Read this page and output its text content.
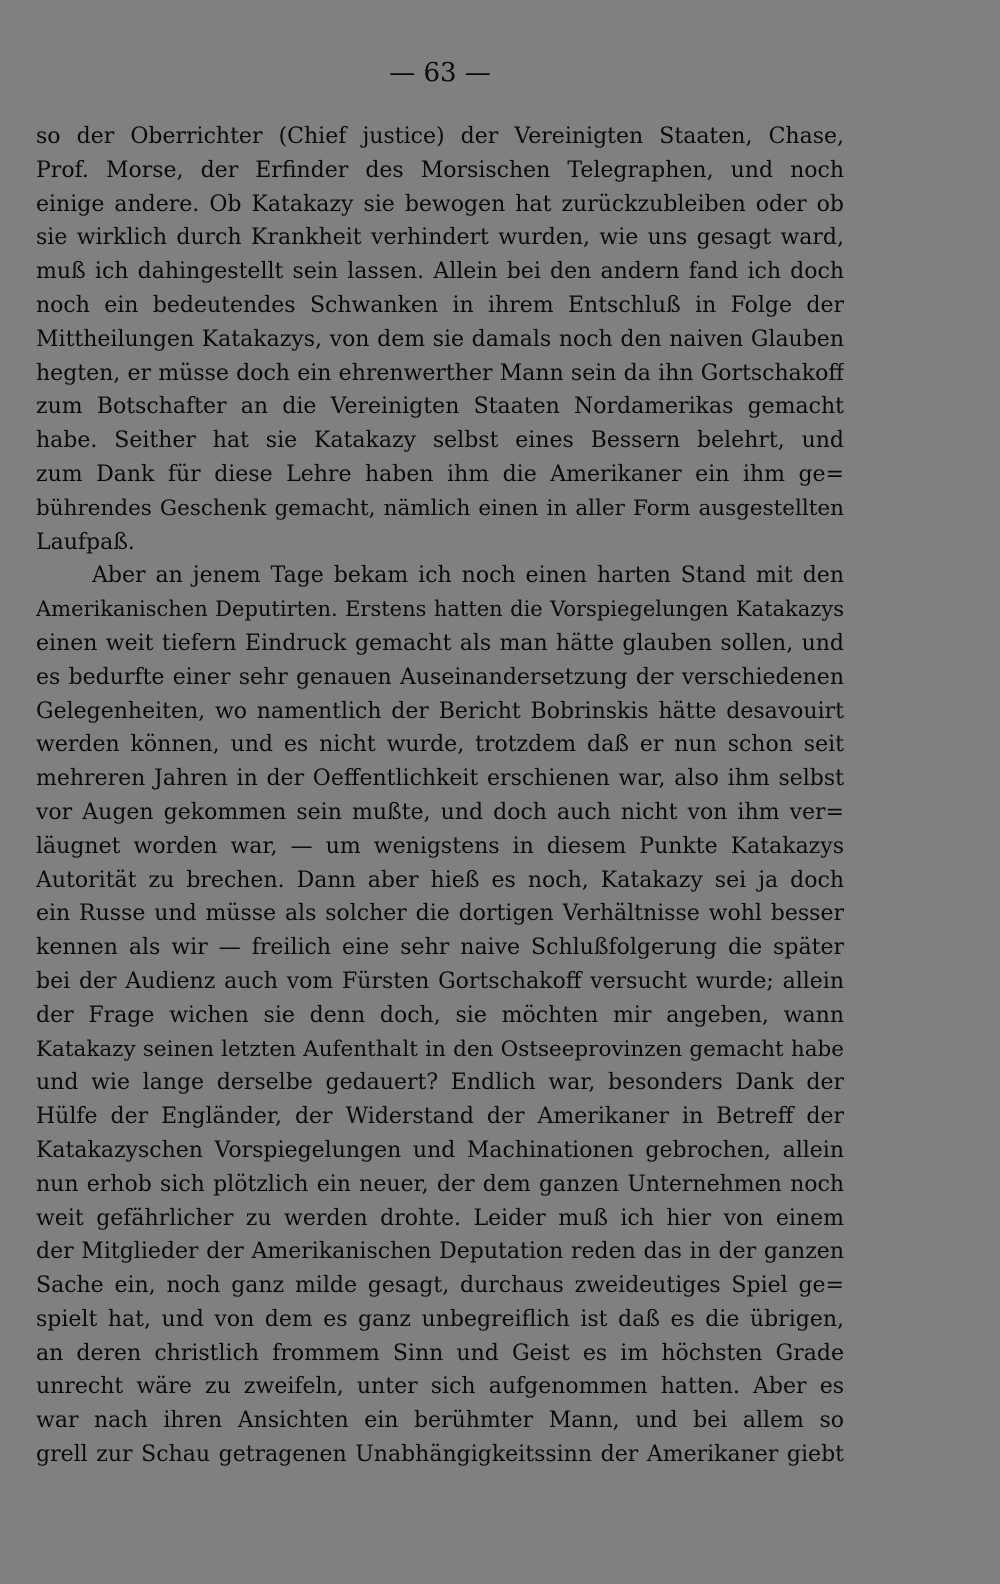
— 63 —
so der Oberrichter (Chief justice) der Vereinigten Staaten, Chase,
Prof. Morse, der Erfinder des Morsischen Telegraphen, und noch
einige andere. Ob Katakazy sie bewogen hat zurückzubleiben oder ob
sie wirklich durch Krankheit verhindert wurden, wie uns gesagt ward,
muß ich dahingestellt sein lassen. Allein bei den andern fand ich doch
noch ein bedeutendes Schwanken in ihrem Entschluß in Folge der
Mittheilungen Katakazys, von dem sie damals noch den naiven Glauben
hegten, er müsse doch ein ehrenwerther Mann sein da ihn Gortschakoff
zum Botschafter an die Vereinigten Staaten Nordamerikas gemacht
habe. Seither hat sie Katakazy selbst eines Bessern belehrt, und
zum Dank für diese Lehre haben ihm die Amerikaner ein ihm ge=
bührendes Geschenk gemacht, nämlich einen in aller Form ausgestellten
Laufpaß.
Aber an jenem Tage bekam ich noch einen harten Stand mit den
Amerikanischen Deputirten. Erstens hatten die Vorspiegelungen Katakazys
einen weit tiefern Eindruck gemacht als man hätte glauben sollen, und
es bedurfte einer sehr genauen Auseinandersetzung der verschiedenen
Gelegenheiten, wo namentlich der Bericht Bobrinskis hätte desavouirt
werden können, und es nicht wurde, trotzdem daß er nun schon seit
mehreren Jahren in der Oeffentlichkeit erschienen war, also ihm selbst
vor Augen gekommen sein mußte, und doch auch nicht von ihm ver=
läugnet worden war, — um wenigstens in diesem Punkte Katakazys
Autorität zu brechen. Dann aber hieß es noch, Katakazy sei ja doch
ein Russe und müsse als solcher die dortigen Verhältnisse wohl besser
kennen als wir — freilich eine sehr naive Schlußfolgerung die später
bei der Audienz auch vom Fürsten Gortschakoff versucht wurde; allein
der Frage wichen sie denn doch, sie möchten mir angeben, wann
Katakazy seinen letzten Aufenthalt in den Ostseeprovinzen gemacht habe
und wie lange derselbe gedauert? Endlich war, besonders Dank der
Hülfe der Engländer, der Widerstand der Amerikaner in Betreff der
Katakazyschen Vorspiegelungen und Machinationen gebrochen, allein
nun erhob sich plötzlich ein neuer, der dem ganzen Unternehmen noch
weit gefährlicher zu werden drohte. Leider muß ich hier von einem
der Mitglieder der Amerikanischen Deputation reden das in der ganzen
Sache ein, noch ganz milde gesagt, durchaus zweideutiges Spiel ge=
spielt hat, und von dem es ganz unbegreiflich ist daß es die übrigen,
an deren christlich frommem Sinn und Geist es im höchsten Grade
unrecht wäre zu zweifeln, unter sich aufgenommen hatten. Aber es
war nach ihren Ansichten ein berühmter Mann, und bei allem so
grell zur Schau getragenen Unabhängigkeitssinn der Amerikaner giebt
